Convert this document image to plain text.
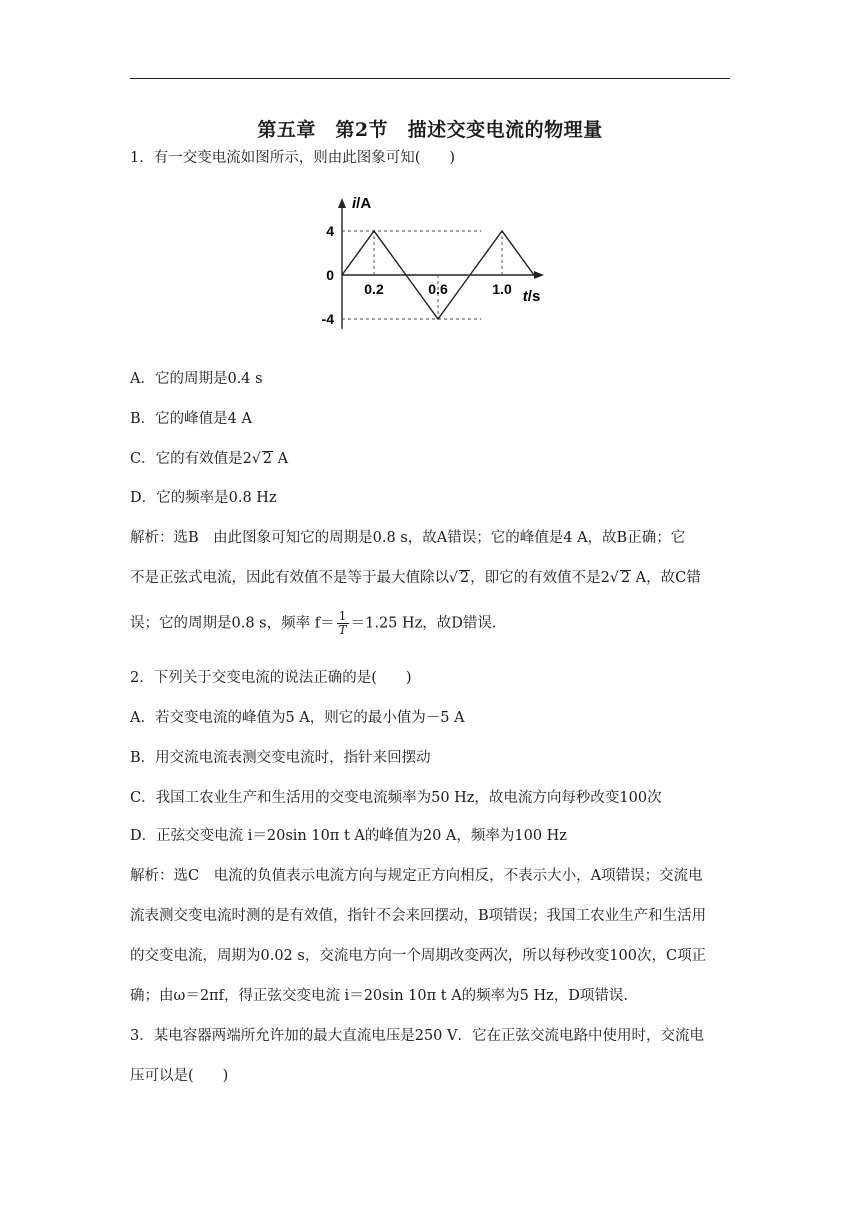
第五章　第2节　描述交变电流的物理量
1．有一交变电流如图所示，则由此图象可知(　　)
i/A
t/s
4
0
-4
0.2	0.6	1.0
A．它的周期是0.4 s
B．它的峰值是4 A
C．它的有效值是2√ 2 A
D．它的频率是0.8 Hz
解析：选B　由此图象可知它的周期是0.8 s，故A错误；它的峰值是4 A，故B正确；它
不是正弦式电流，因此有效值不是等于最大值除以√ 2，即它的有效值不是2√ 2 A，故C错
误；它的周期是0.8 s，频率 $f= \frac{1}{T} =1.25$ Hz，故D错误.
2．下列关于交变电流的说法正确的是(　　)
A．若交变电流的峰值为5 A，则它的最小值为－5 A
B．用交流电流表测交变电流时，指针来回摆动
C．我国工农业生产和生活用的交变电流频率为50 Hz，故电流方向每秒改变100次
D．正弦交变电流 i＝20sin 10π t A的峰值为20 A，频率为100 Hz
解析：选C　电流的负值表示电流方向与规定正方向相反，不表示大小，A项错误；交流电
流表测交变电流时测的是有效值，指针不会来回摆动，B项错误；我国工农业生产和生活用
的交变电流，周期为0.02 s，交流电方向一个周期改变两次，所以每秒改变100次，C项正
确；由ω＝2πf，得正弦交变电流 i＝20sin 10π t A的频率为5 Hz，D项错误.
3．某电容器两端所允许加的最大直流电压是250 V．它在正弦交流电路中使用时，交流电
压可以是(　　)
